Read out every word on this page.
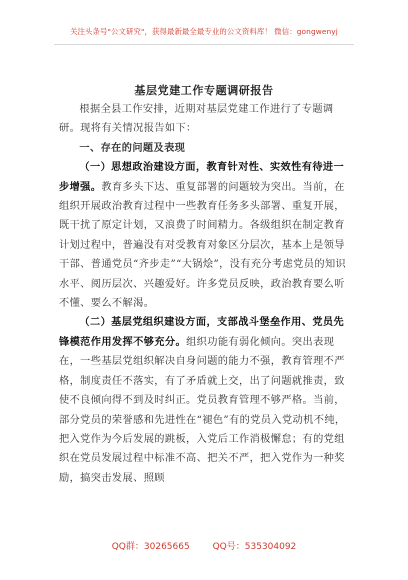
关注头条号"公文研究"，获得最新最全最专业的公文资料库！ 微信：gongwenyj
基层党建工作专题调研报告

根据全县工作安排，近期对基层党建工作进行了专题调研。现将有关情况报告如下：

一、存在的问题及表现

（一）思想政治建设方面，教育针对性、实效性有待进一步增强。教育多头下达、重复部署的问题较为突出。当前，在组织开展政治教育过程中一些教育任务多头部署、重复开展，既干扰了原定计划，又浪费了时间精力。各级组织在制定教育计划过程中，普遍没有对受教育对象区分层次，基本上是领导干部、普通党员“齐步走”“大锅烩”，没有充分考虑党员的知识水平、阅历层次、兴趣爱好。许多党员反映，政治教育要么听不懂、要么不解渴。

（二）基层党组织建设方面，支部战斗堡垒作用、党员先锋模范作用发挥不够充分。组织功能有弱化倾向。突出表现在，一些基层党组织解决自身问题的能力不强，教育管理不严格，制度责任不落实，有了矛盾就上交，出了问题就推责，致使不良倾向得不到及时纠正。党员教育管理不够严格。当前，部分党员的荣誉感和先进性在“褪色”有的党员入党动机不纯，把入党作为今后发展的跳板，入党后工作消极懈怠；有的党组织在党员发展过程中标准不高、把关不严，把入党作为一种奖励，搞突击发展、照顾

QQ群：30265665	QQ号：535304092
